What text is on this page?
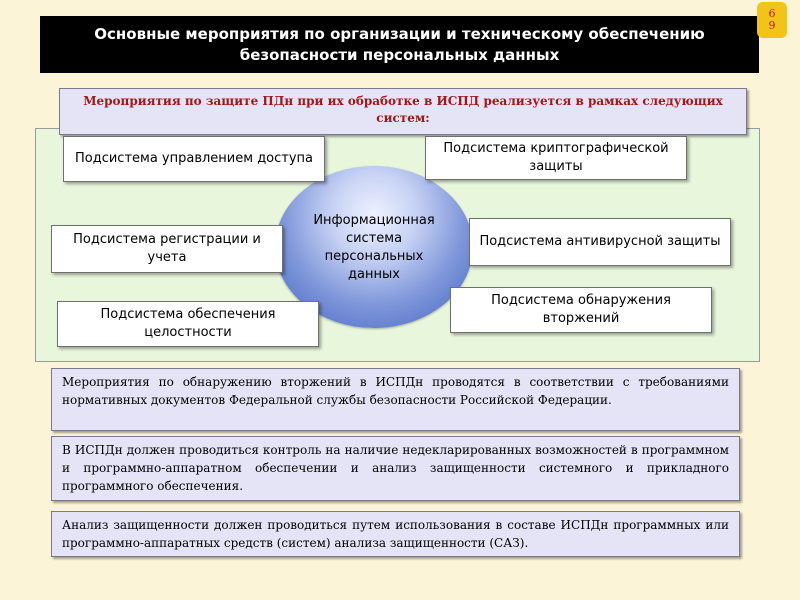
Основные мероприятия по организации и техническому обеспечению
безопасности персональных данных
6
9
Мероприятия по защите ПДн при их обработке в ИСПД реализуется в рамках следующих систем:
Информационная
система
персональных
данных
Подсистема управлением доступа
Подсистема криптографической защиты
Подсистема регистрации и учета
Подсистема антивирусной защиты
Подсистема обеспечения целостности
Подсистема обнаружения вторжений
Мероприятия по обнаружению вторжений в ИСПДн проводятся в соответствии с требованиями нормативных документов Федеральной службы безопасности Российской Федерации.
В ИСПДн должен проводиться контроль на наличие недекларированных возможностей в программном и программно-аппаратном обеспечении и анализ защищенности системного и прикладного программного обеспечения.
Анализ защищенности должен проводиться путем использования в составе ИСПДн программных или программно-аппаратных средств (систем) анализа защищенности (САЗ).
